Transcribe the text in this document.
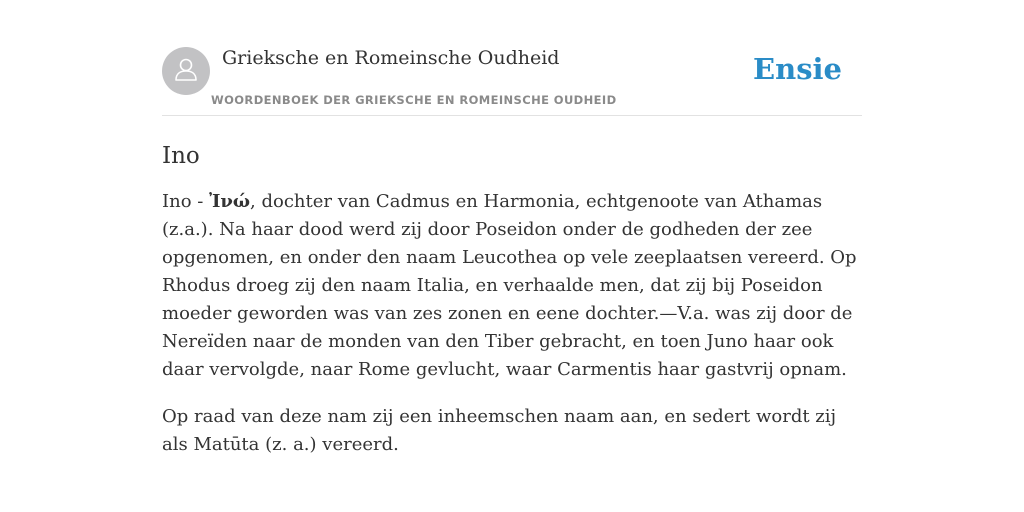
Grieksche en Romeinsche Oudheid
WOORDENBOEK DER GRIEKSCHE EN ROMEINSCHE OUDHEID
Ensie
Ino

Ino - Ἰνώ, dochter van Cadmus en Harmonia, echtgenoote van Athamas (z.a.). Na haar dood werd zij door Poseidon onder de godheden der zee opgenomen, en onder den naam Leucothea op vele zeeplaatsen vereerd. Op Rhodus droeg zij den naam Italia, en verhaalde men, dat zij bij Poseidon moeder geworden was van zes zonen en eene dochter.—V.a. was zij door de Nereïden naar de monden van den Tiber gebracht, en toen Juno haar ook daar vervolgde, naar Rome gevlucht, waar Carmentis haar gastvrij opnam.

Op raad van deze nam zij een inheemschen naam aan, en sedert wordt zij als Matūta (z. a.) vereerd.
